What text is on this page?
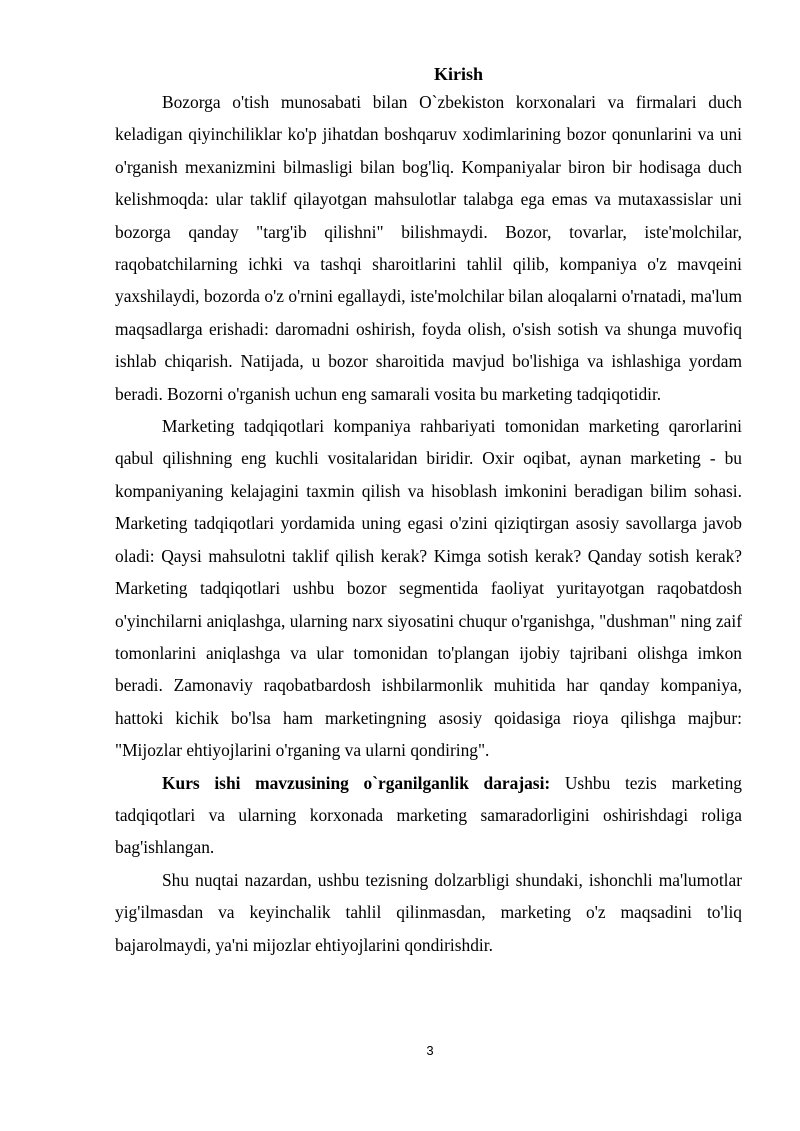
Kirish

Bozorga o'tish munosabati bilan O`zbekiston korxonalari va firmalari duch keladigan qiyinchiliklar ko'p jihatdan boshqaruv xodimlarining bozor qonunlarini va uni o'rganish mexanizmini bilmasligi bilan bog'liq. Kompaniyalar biron bir hodisaga duch kelishmoqda: ular taklif qilayotgan mahsulotlar talabga ega emas va mutaxassislar uni bozorga qanday "targ'ib qilishni" bilishmaydi. Bozor, tovarlar, iste'molchilar, raqobatchilarning ichki va tashqi sharoitlarini tahlil qilib, kompaniya o'z mavqeini yaxshilaydi, bozorda o'z o'rnini egallaydi, iste'molchilar bilan aloqalarni o'rnatadi, ma'lum maqsadlarga erishadi: daromadni oshirish, foyda olish, o'sish sotish va shunga muvofiq ishlab chiqarish. Natijada, u bozor sharoitida mavjud bo'lishiga va ishlashiga yordam beradi. Bozorni o'rganish uchun eng samarali vosita bu marketing tadqiqotidir.

Marketing tadqiqotlari kompaniya rahbariyati tomonidan marketing qarorlarini qabul qilishning eng kuchli vositalaridan biridir. Oxir oqibat, aynan marketing - bu kompaniyaning kelajagini taxmin qilish va hisoblash imkonini beradigan bilim sohasi. Marketing tadqiqotlari yordamida uning egasi o'zini qiziqtirgan asosiy savollarga javob oladi: Qaysi mahsulotni taklif qilish kerak? Kimga sotish kerak? Qanday sotish kerak? Marketing tadqiqotlari ushbu bozor segmentida faoliyat yuritayotgan raqobatdosh o'yinchilarni aniqlashga, ularning narx siyosatini chuqur o'rganishga, "dushman" ning zaif tomonlarini aniqlashga va ular tomonidan to'plangan ijobiy tajribani olishga imkon beradi. Zamonaviy raqobatbardosh ishbilarmonlik muhitida har qanday kompaniya, hattoki kichik bo'lsa ham marketingning asosiy qoidasiga rioya qilishga majbur: "Mijozlar ehtiyojlarini o'rganing va ularni qondiring".

Kurs ishi mavzusining o`rganilganlik darajasi: Ushbu tezis marketing tadqiqotlari va ularning korxonada marketing samaradorligini oshirishdagi roliga bag'ishlangan.

Shu nuqtai nazardan, ushbu tezisning dolzarbligi shundaki, ishonchli ma'lumotlar yig'ilmasdan va keyinchalik tahlil qilinmasdan, marketing o'z maqsadini to'liq bajarolmaydi, ya'ni mijozlar ehtiyojlarini qondirishdir.

3
